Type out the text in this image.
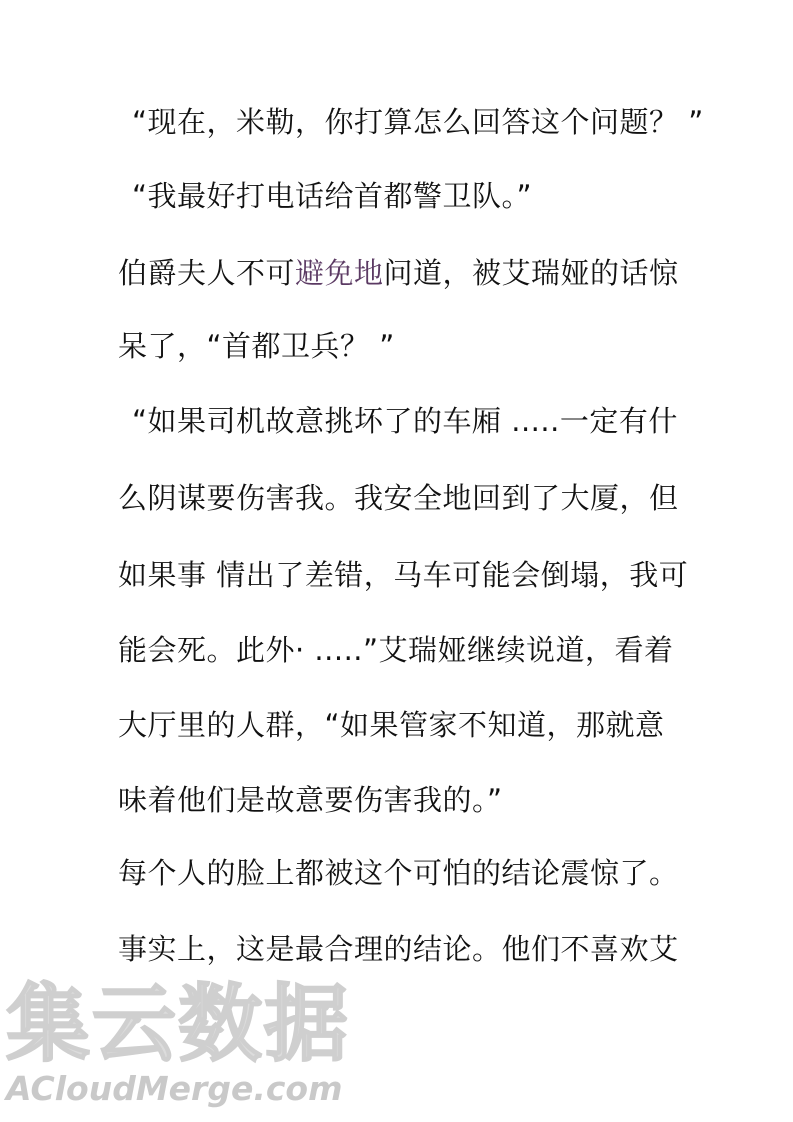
“现在，米勒，你打算怎么回答这个问题？ ”
“我最好打电话给首都警卫队。”
伯爵夫人不可避免地问道，被艾瑞娅的话惊
呆了，“首都卫兵？ ”
“如果司机故意挑坏了的车厢 .....一定有什
么阴谋要伤害我。我安全地回到了大厦，但
如果事 情出了差错，马车可能会倒塌，我可
能会死。此外· .....”艾瑞娅继续说道，看着
大厅里的人群，“如果管家不知道，那就意
味着他们是故意要伤害我的。”
每个人的脸上都被这个可怕的结论震惊了。
事实上，这是最合理的结论。他们不喜欢艾
集云数据
ACloudMerge.com
